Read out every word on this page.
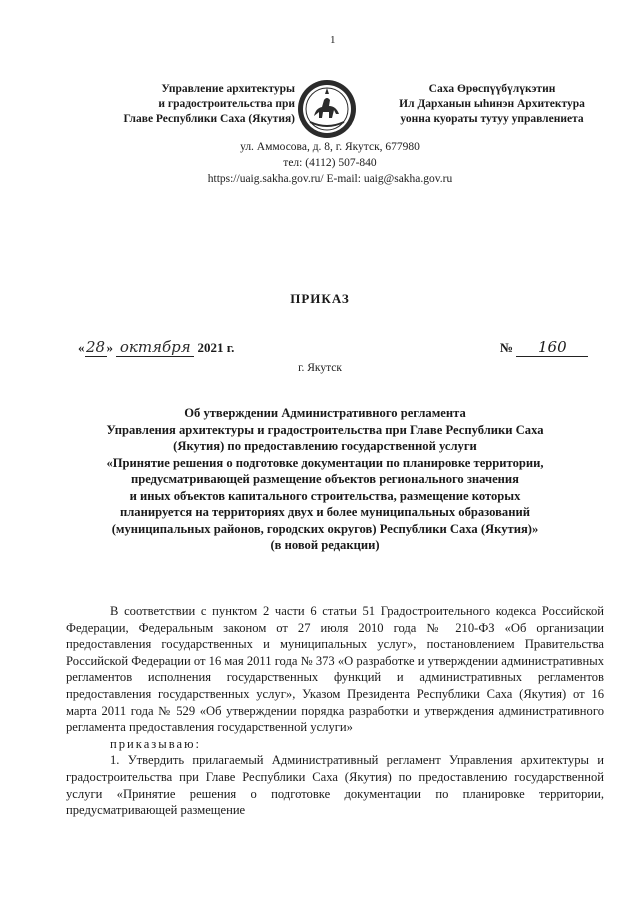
1
Управление архитектуры
и градостроительства при
Главе Республики Саха (Якутия)
Саха Өрөспүүбүлүкэтин
Ил Дарханын ыһинэн Архитектура
уонна куораты тутуу управлениета
ул. Аммосова, д. 8, г. Якутск, 677980
тел: (4112) 507-840
https://uaig.sakha.gov.ru/ E-mail: uaig@sakha.gov.ru
ПРИКАЗ
«28» октября 2021 г.	№ 160
г. Якутск
Об утверждении Административного регламента
Управления архитектуры и градостроительства при Главе Республики Саха
(Якутия) по предоставлению государственной услуги
«Принятие решения о подготовке документации по планировке территории,
предусматривающей размещение объектов регионального значения
и иных объектов капитального строительства, размещение которых
планируется на территориях двух и более муниципальных образований
(муниципальных районов, городских округов) Республики Саха (Якутия)»
(в новой редакции)

В соответствии с пунктом 2 части 6 статьи 51 Градостроительного кодекса Российской Федерации, Федеральным законом от 27 июля 2010 года № 210-ФЗ «Об организации предоставления государственных и муниципальных услуг», постановлением Правительства Российской Федерации от 16 мая 2011 года № 373 «О разработке и утверждении административных регламентов исполнения государственных функций и административных регламентов предоставления государственных услуг», Указом Президента Республики Саха (Якутия) от 16 марта 2011 года № 529 «Об утверждении порядка разработки и утверждения административного регламента предоставления государственной услуги»

приказываю:

1. Утвердить прилагаемый Административный регламент Управления архитектуры и градостроительства при Главе Республики Саха (Якутия) по предоставлению государственной услуги «Принятие решения о подготовке документации по планировке территории, предусматривающей размещение
